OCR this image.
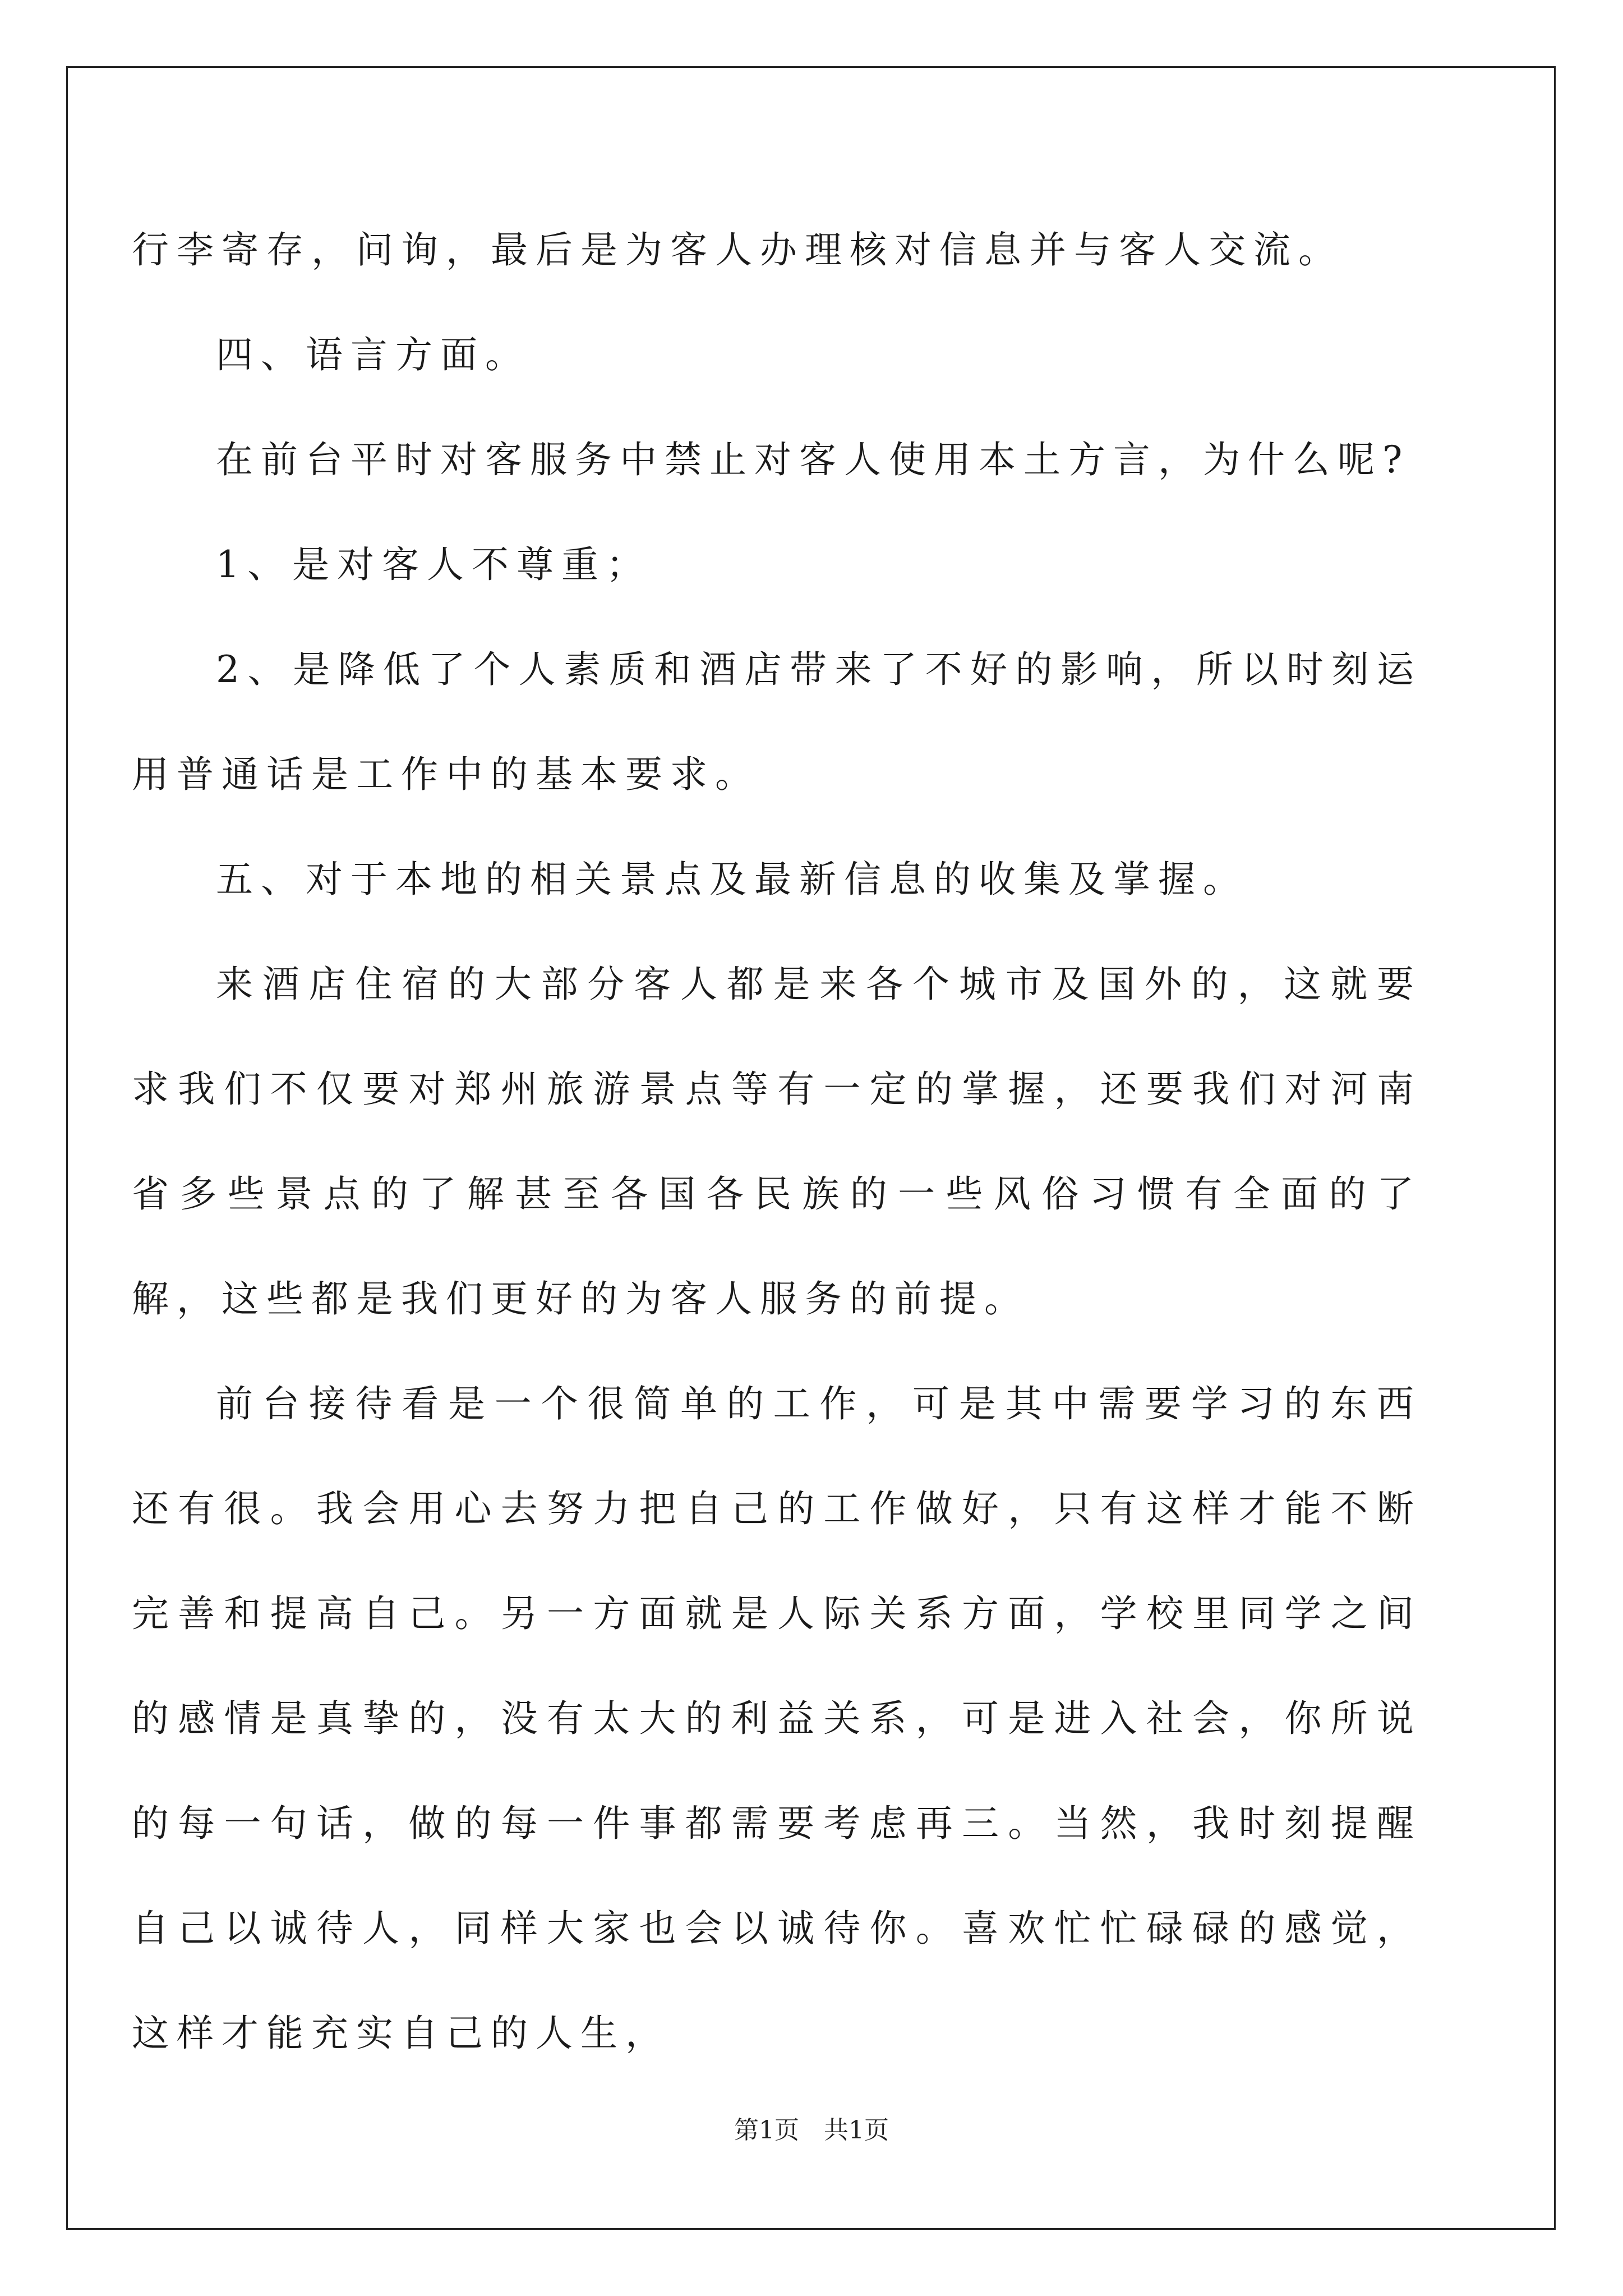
行李寄存，问询，最后是为客人办理核对信息并与客人交流。

四、语言方面。

在前台平时对客服务中禁止对客人使用本土方言，为什么呢?

1、是对客人不尊重；

2、是降低了个人素质和酒店带来了不好的影响，所以时刻运用普通话是工作中的基本要求。

五、对于本地的相关景点及最新信息的收集及掌握。

来酒店住宿的大部分客人都是来各个城市及国外的，这就要求我们不仅要对郑州旅游景点等有一定的掌握，还要我们对河南省多些景点的了解甚至各国各民族的一些风俗习惯有全面的了解，这些都是我们更好的为客人服务的前提。

前台接待看是一个很简单的工作，可是其中需要学习的东西还有很。我会用心去努力把自己的工作做好，只有这样才能不断完善和提高自己。另一方面就是人际关系方面，学校里同学之间的感情是真挚的，没有太大的利益关系，可是进入社会，你所说的每一句话，做的每一件事都需要考虑再三。当然，我时刻提醒自己以诚待人，同样大家也会以诚待你。喜欢忙忙碌碌的感觉，这样才能充实自己的人生，

第1页　共1页
